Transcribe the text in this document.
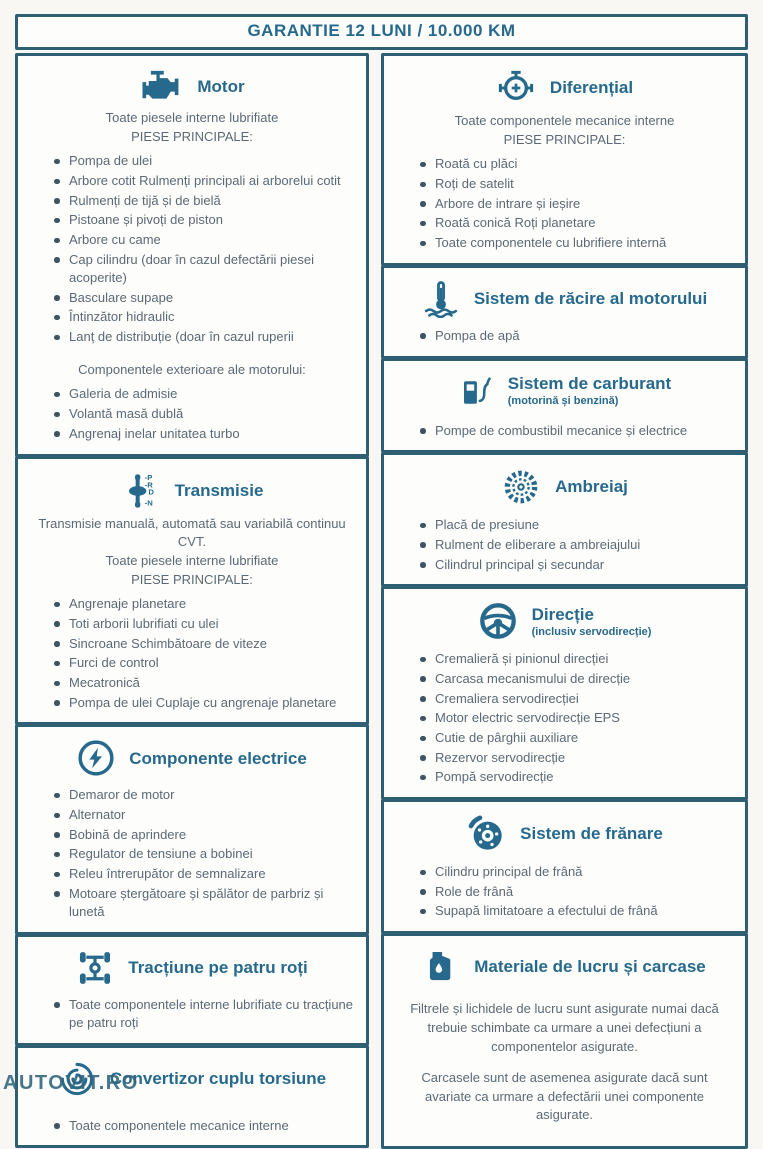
GARANTIE 12 LUNI / 10.000 KM
Motor

Toate piesele interne lubrifiate

PIESE PRINCIPALE:

Pompa de ulei
Arbore cotit Rulmenți principali ai arborelui cotit
Rulmenți de tijă și de bielă
Pistoane și pivoți de piston
Arbore cu came
Cap cilindru (doar în cazul defectării piesei acoperite)
Basculare supape
Întinzător hidraulic
Lanț de distribuție (doar în cazul ruperii

Componentele exterioare ale motorului:

Galeria de admisie
Volantă masă dublă
Angrenaj inelar unitatea turbo
-P
-R
D
-N
Transmisie

Transmisie manuală, automată sau variabilă continuu CVT.

Toate piesele interne lubrifiate

PIESE PRINCIPALE:

Angrenaje planetare
Toti arborii lubrifiati cu ulei
Sincroane Schimbătoare de viteze
Furci de control
Mecatronică
Pompa de ulei Cuplaje cu angrenaje planetare
Componente electrice
Demaror de motor
Alternator
Bobină de aprindere
Regulator de tensiune a bobinei
Releu întrerupător de semnalizare
Motoare ștergătoare și spălător de parbriz și lunetă
Tracțiune pe patru roți
Toate componentele interne lubrifiate cu tracțiune pe patru roți
Convertizor cuplu torsiune
Toate componentele mecanice interne
Diferențial

Toate componentele mecanice interne

PIESE PRINCIPALE:

Roată cu plăci
Roți de satelit
Arbore de intrare și ieșire
Roată conică Roți planetare
Toate componentele cu lubrifiere internă
Sistem de răcire al motorului
Pompa de apă
Sistem de carburant
(motorină și benzină)
Pompe de combustibil mecanice și electrice
Ambreiaj
Placă de presiune
Rulment de eliberare a ambreiajului
Cilindrul principal și secundar
Direcție
(inclusiv servodirecție)
Cremalieră și pinionul direcției
Carcasa mecanismului de direcție
Cremaliera servodirecției
Motor electric servodirecție EPS
Cutie de pârghii auxiliare
Rezervor servodirecție
Pompă servodirecție
Sistem de frănare
Cilindru principal de frână
Role de frână
Supapă limitatoare a efectului de frână
Materiale de lucru și carcase

Filtrele și lichidele de lucru sunt asigurate numai dacă trebuie schimbate ca urmare a unei defecțiuni a componentelor asigurate.

Carcasele sunt de asemenea asigurate dacă sunt avariate ca urmare a defectării unei componente asigurate.

AUTOVIT.RO
